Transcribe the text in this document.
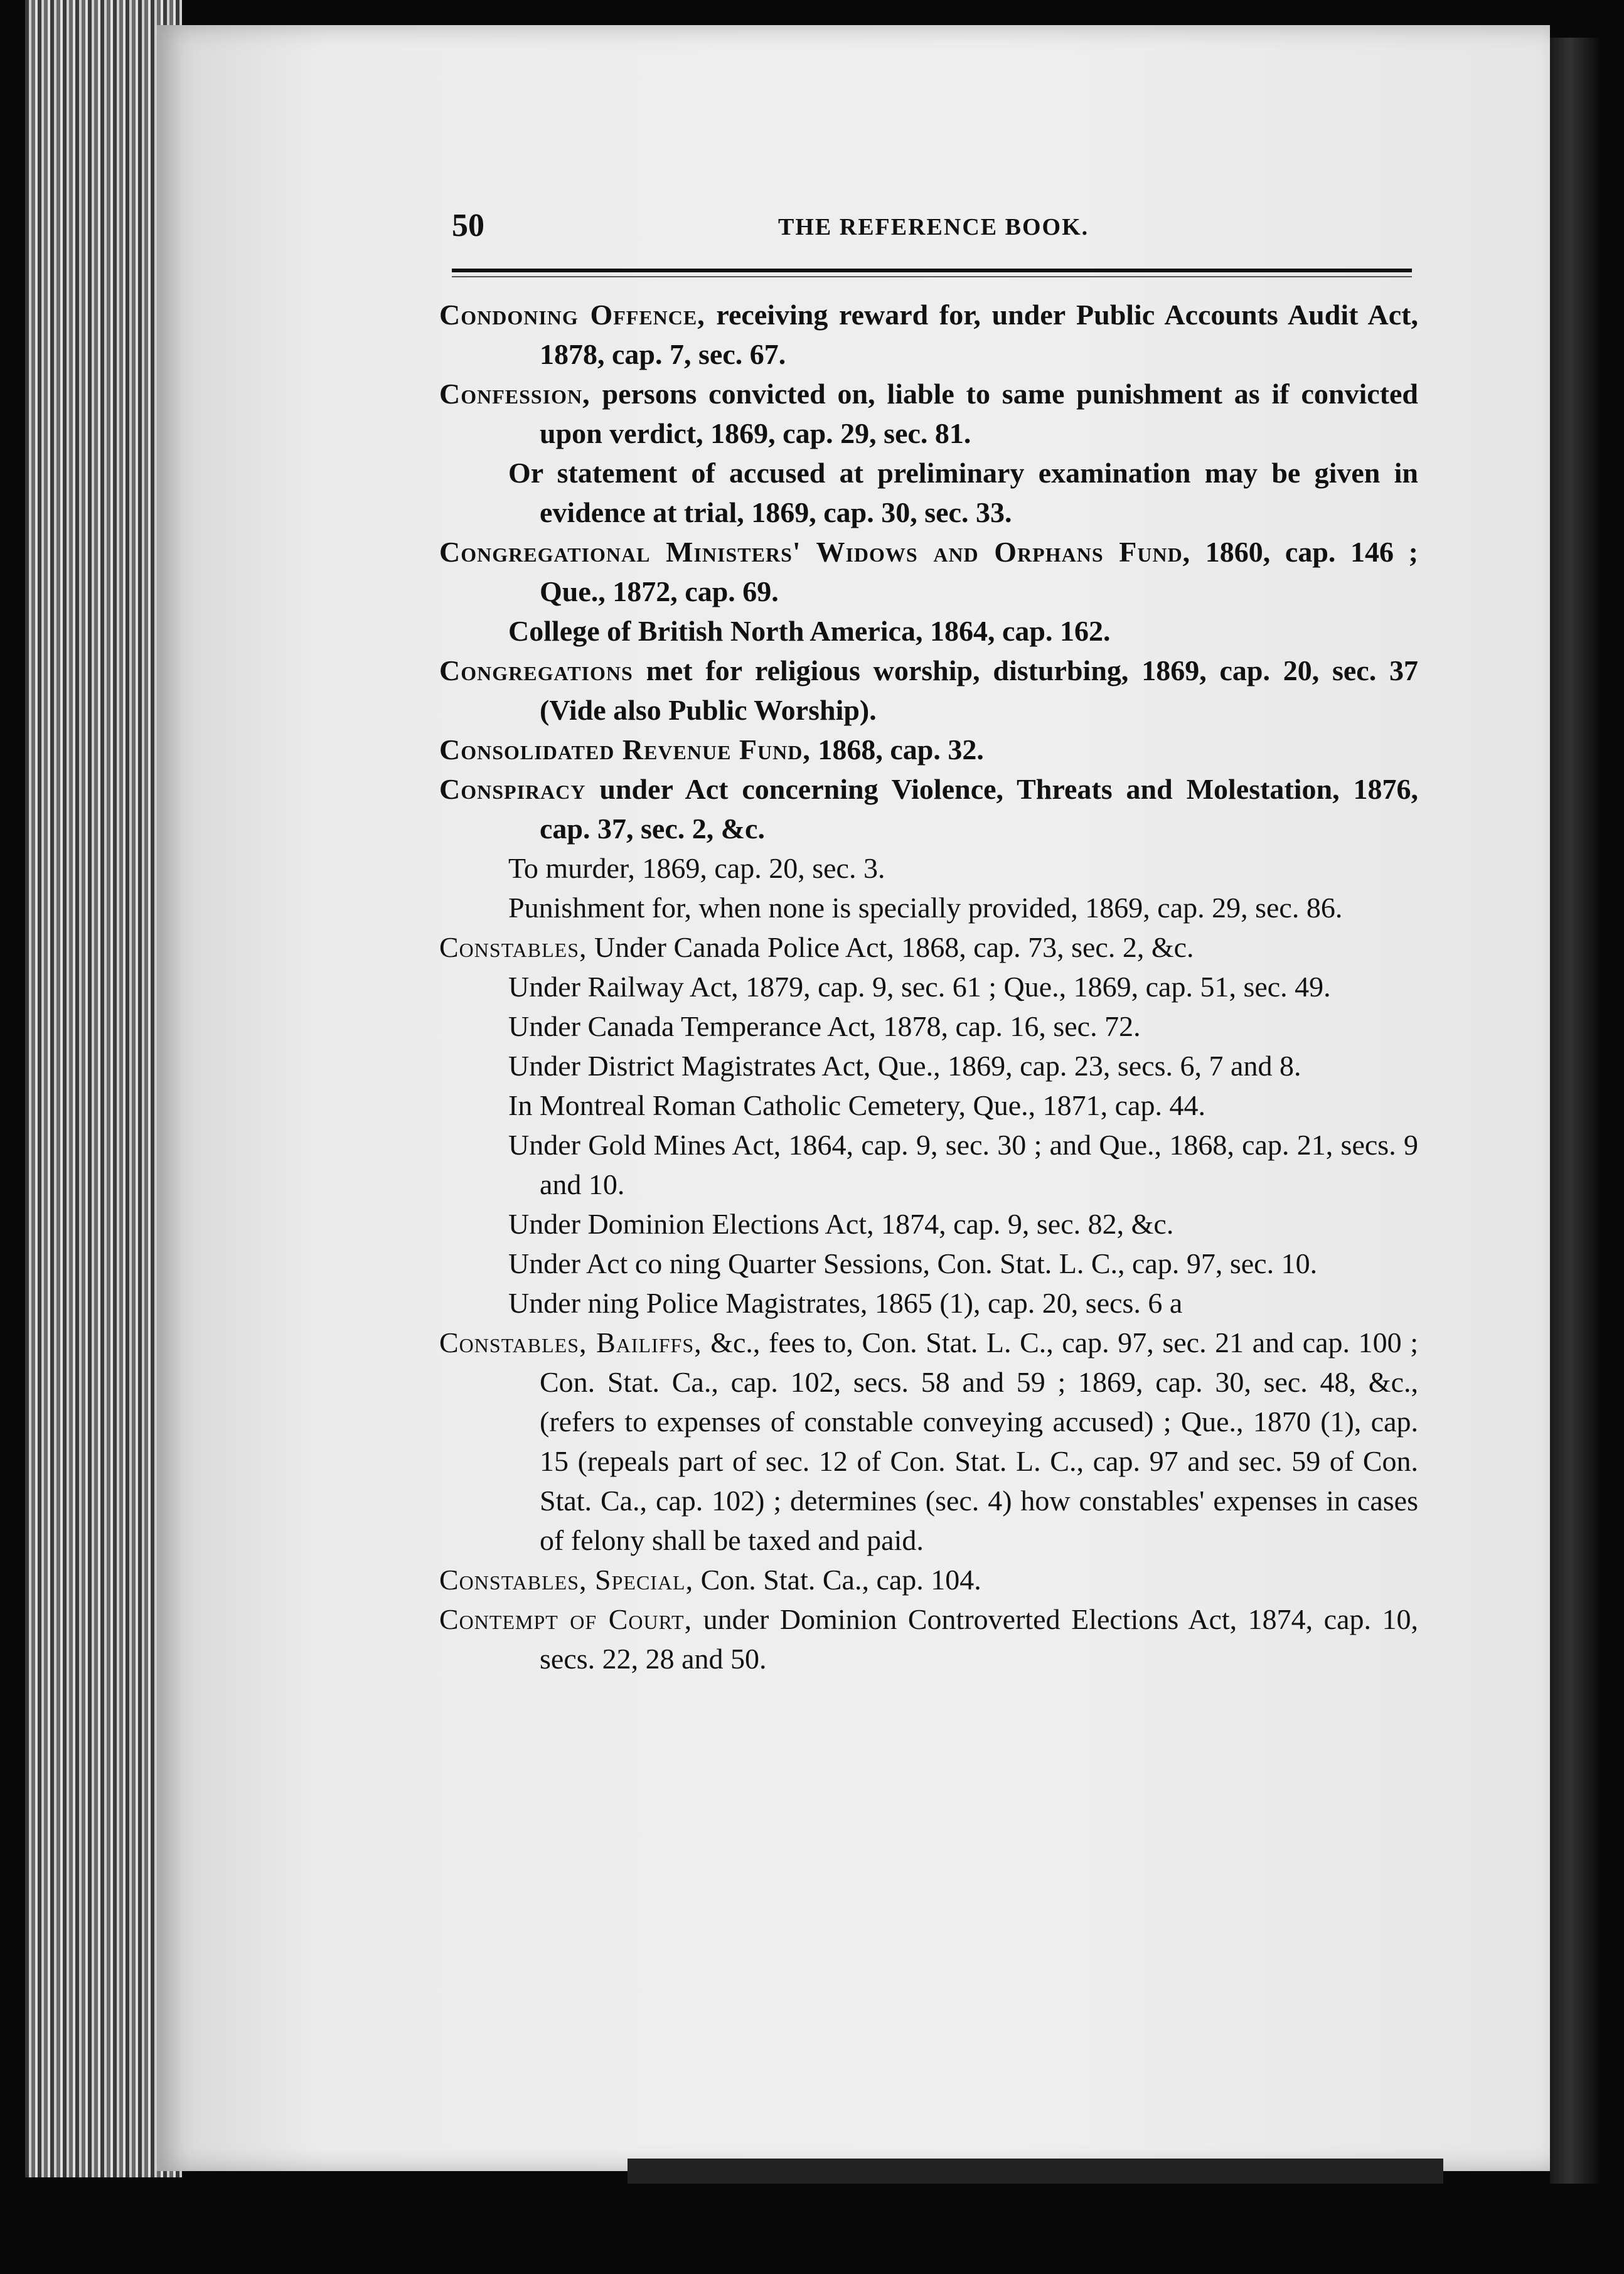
50	THE REFERENCE BOOK.

Condoning Offence, receiving reward for, under Public Accounts Audit Act, 1878, cap. 7, sec. 67.

Confession, persons convicted on, liable to same punishment as if convicted upon verdict, 1869, cap. 29, sec. 81.

Or statement of accused at preliminary examination may be given in evidence at trial, 1869, cap. 30, sec. 33.

Congregational Ministers' Widows and Orphans Fund, 1860, cap. 146 ; Que., 1872, cap. 69.

College of British North America, 1864, cap. 162.

Congregations met for religious worship, disturbing, 1869, cap. 20, sec. 37 (Vide also Public Worship).

Consolidated Revenue Fund, 1868, cap. 32.

Conspiracy under Act concerning Violence, Threats and Molestation, 1876, cap. 37, sec. 2, &c.

To murder, 1869, cap. 20, sec. 3.

Punishment for, when none is specially provided, 1869, cap. 29, sec. 86.

Constables, Under Canada Police Act, 1868, cap. 73, sec. 2, &c.

Under Railway Act, 1879, cap. 9, sec. 61 ; Que., 1869, cap. 51, sec. 49.

Under Canada Temperance Act, 1878, cap. 16, sec. 72.

Under District Magistrates Act, Que., 1869, cap. 23, secs. 6, 7 and 8.

In Montreal Roman Catholic Cemetery, Que., 1871, cap. 44.

Under Gold Mines Act, 1864, cap. 9, sec. 30 ; and Que., 1868, cap. 21, secs. 9 and 10.

Under Dominion Elections Act, 1874, cap. 9, sec. 82, &c.

Under Act co ning Quarter Sessions, Con. Stat. L. C., cap. 97, sec. 10.

Under ning Police Magistrates, 1865 (1), cap. 20, secs. 6 a

Constables, Bailiffs, &c., fees to, Con. Stat. L. C., cap. 97, sec. 21 and cap. 100 ; Con. Stat. Ca., cap. 102, secs. 58 and 59 ; 1869, cap. 30, sec. 48, &c., (refers to expenses of constable conveying accused) ; Que., 1870 (1), cap. 15 (repeals part of sec. 12 of Con. Stat. L. C., cap. 97 and sec. 59 of Con. Stat. Ca., cap. 102) ; determines (sec. 4) how constables' expenses in cases of felony shall be taxed and paid.

Constables, Special, Con. Stat. Ca., cap. 104.

Contempt of Court, under Dominion Controverted Elections Act, 1874, cap. 10, secs. 22, 28 and 50.
